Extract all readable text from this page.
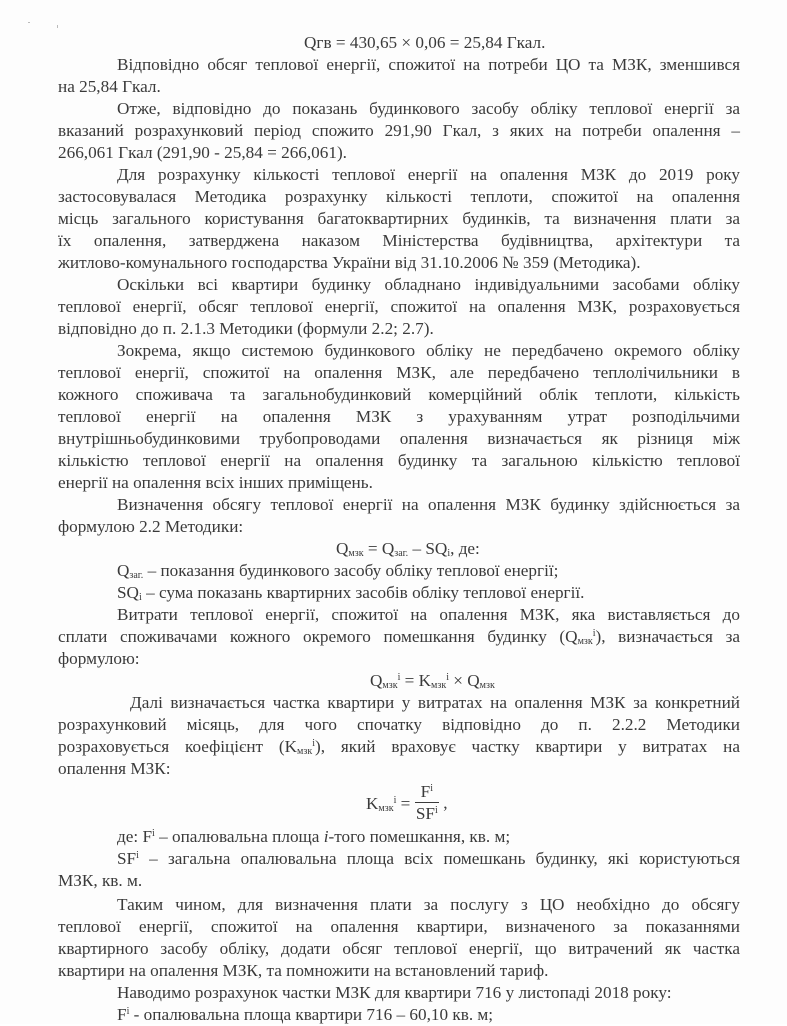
Qгв = 430,65 × 0,06 = 25,84 Гкал.
Відповідно обсяг теплової енергії, спожитої на потреби ЦО та МЗК, зменшився
на 25,84 Гкал.
Отже, відповідно до показань будинкового засобу обліку теплової енергії за
вказаний розрахунковий період спожито 291,90 Гкал, з яких на потреби опалення –
266,061 Гкал (291,90 - 25,84 = 266,061).
Для розрахунку кількості теплової енергії на опалення МЗК до 2019 року
застосовувалася Методика розрахунку кількості теплоти, спожитої на опалення
місць загального користування багатоквартирних будинків, та визначення плати за
їх опалення, затверджена наказом Міністерства будівництва, архітектури та
житлово-комунального господарства України від 31.10.2006 № 359 (Методика).
Оскільки всі квартири будинку обладнано індивідуальними засобами обліку
теплової енергії, обсяг теплової енергії, спожитої на опалення МЗК, розраховується
відповідно до п. 2.1.3 Методики (формули 2.2; 2.7).
Зокрема, якщо системою будинкового обліку не передбачено окремого обліку
теплової енергії, спожитої на опалення МЗК, але передбачено теплолічильники в
кожного споживача та загальнобудинковий комерційний облік теплоти, кількість
теплової енергії на опалення МЗК з урахуванням утрат розподільчими
внутрішньобудинковими трубопроводами опалення визначається як різниця між
кількістю теплової енергії на опалення будинку та загальною кількістю теплової
енергії на опалення всіх інших приміщень.
Визначення обсягу теплової енергії на опалення МЗК будинку здійснюється за
формулою 2.2 Методики:
$Q_{мзк} = Q_{заг.} - SQ_i$, де:
$Q_{заг.}$ – показання будинкового засобу обліку теплової енергії;
$SQ_i$ – сума показань квартирних засобів обліку теплової енергії.
Витрати теплової енергії, спожитої на опалення МЗК, яка виставляється до
сплати споживачами кожного окремого помешкання будинку $(Q_{мзк}^i)$, визначається за
формулою:
$Q_{мзк}^i = K_{мзк}^i \times Q_{мзк}$
Далі визначається частка квартири у витратах на опалення МЗК за конкретний
розрахунковий місяць, для чого спочатку відповідно до п. 2.2.2 Методики
розраховується коефіцієнт $(K_{мзк}^i)$, який враховує частку квартири у витратах на
опалення МЗК:
$K_{мзк}^i = \frac{F^i}{SF^i}$ ,
де: $F^i$ – опалювальна площа i-того помешкання, кв. м;
$SF^i$ – загальна опалювальна площа всіх помешкань будинку, які користуються
МЗК, кв. м.
Таким чином, для визначення плати за послугу з ЦО необхідно до обсягу
теплової енергії, спожитої на опалення квартири, визначеного за показаннями
квартирного засобу обліку, додати обсяг теплової енергії, що витрачений як частка
квартири на опалення МЗК, та помножити на встановлений тариф.
Наводимо розрахунок частки МЗК для квартири 716 у листопаді 2018 року:
$F^i$ - опалювальна площа квартири 716 – 60,10 кв. м;
